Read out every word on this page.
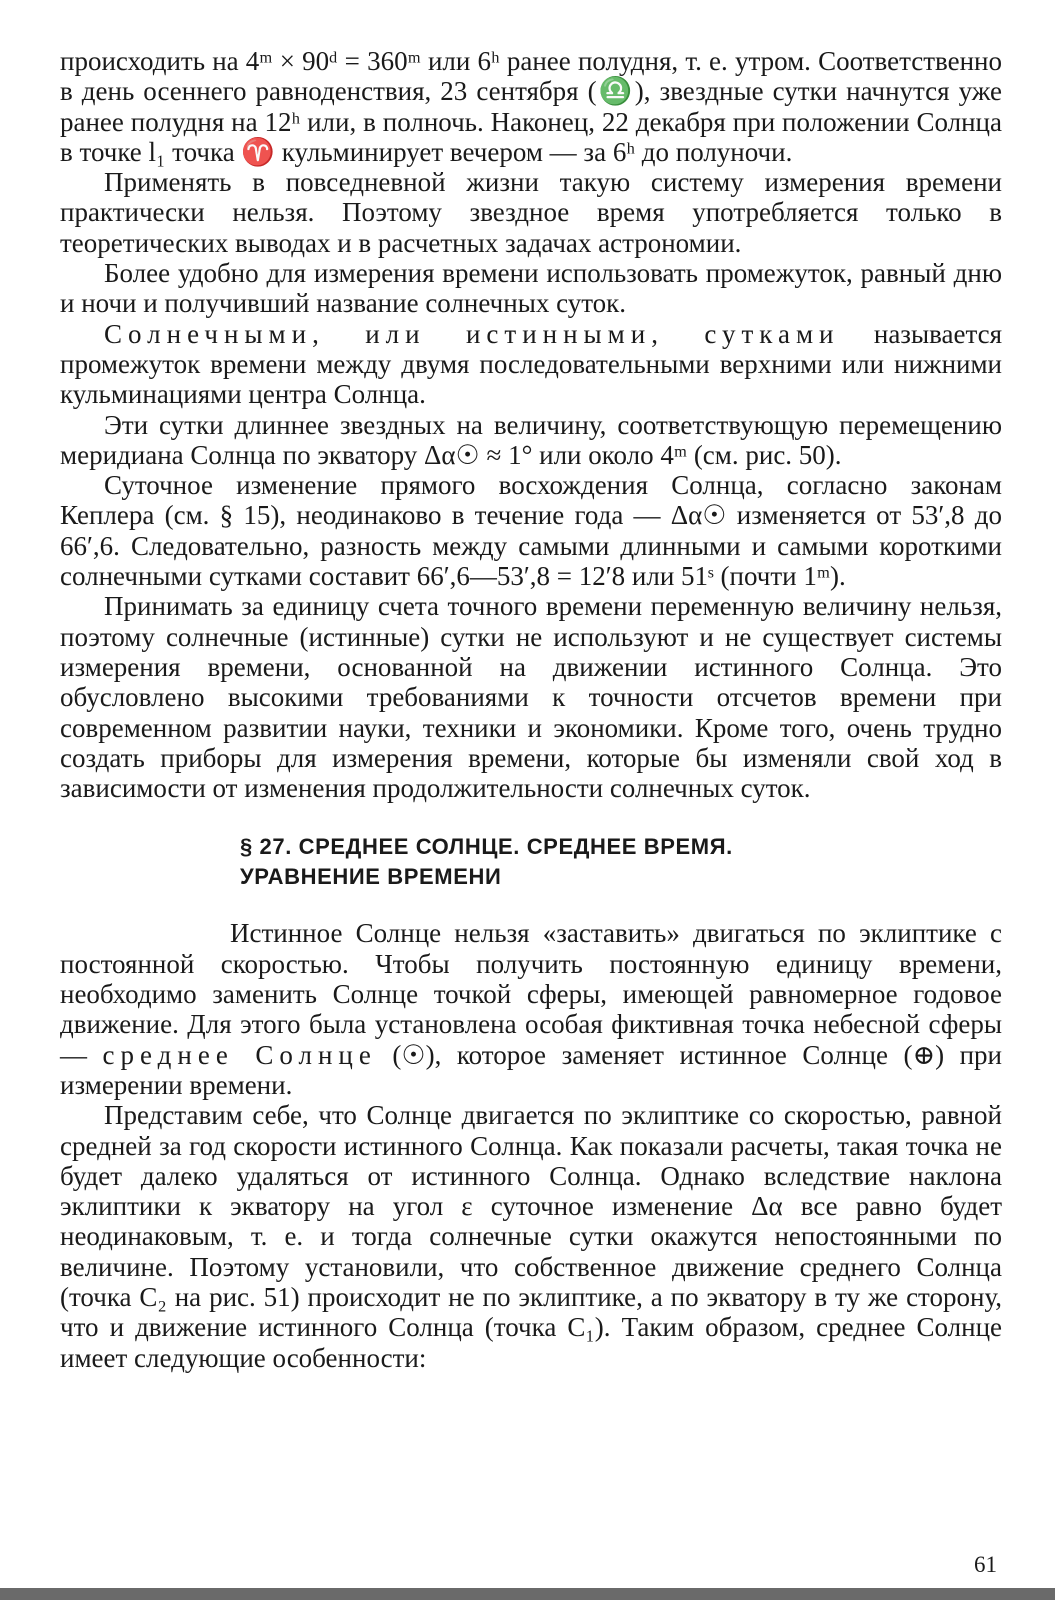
происходить на 4ᵐ × 90ᵈ = 360ᵐ или 6ʰ ранее полудня, т. е. утром. Соответственно в день осеннего равноденствия, 23 сентября (♎), звездные сутки начнутся уже ранее полудня на 12ʰ или, в полночь. Наконец, 22 декабря при положении Солнца в точке l₁ точка ♈ кульминирует вечером — за 6ʰ до полуночи.

Применять в повседневной жизни такую систему измерения времени практически нельзя. Поэтому звездное время употребляется только в теоретических выводах и в расчетных задачах астрономии.

Более удобно для измерения времени использовать промежуток, равный дню и ночи и получивший название солнечных суток.

Солнечными, или истинными, сутками называется промежуток времени между двумя последовательными верхними или нижними кульминациями центра Солнца.

Эти сутки длиннее звездных на величину, соответствующую перемещению меридиана Солнца по экватору Δα☉ ≈ 1° или около 4ᵐ (см. рис. 50).

Суточное изменение прямого восхождения Солнца, согласно законам Кеплера (см. § 15), неодинаково в течение года — Δα☉ изменяется от 53′,8 до 66′,6. Следовательно, разность между самыми длинными и самыми короткими солнечными сутками составит 66′,6—53′,8 = 12′8 или 51ˢ (почти 1ᵐ).

Принимать за единицу счета точного времени переменную величину нельзя, поэтому солнечные (истинные) сутки не используют и не существует системы измерения времени, основанной на движении истинного Солнца. Это обусловлено высокими требованиями к точности отсчетов времени при современном развитии науки, техники и экономики. Кроме того, очень трудно создать приборы для измерения времени, которые бы изменяли свой ход в зависимости от изменения продолжительности солнечных суток.

§ 27. СРЕДНЕЕ СОЛНЦЕ. СРЕДНЕЕ ВРЕМЯ.
УРАВНЕНИЕ ВРЕМЕНИ

Истинное Солнце нельзя «заставить» двигаться по эклиптике с постоянной скоростью. Чтобы получить постоянную единицу времени, необходимо заменить Солнце точкой сферы, имеющей равномерное годовое движение. Для этого была установлена особая фиктивная точка небесной сферы — среднее Солнце (☉), которое заменяет истинное Солнце (⊕) при измерении времени.

Представим себе, что Солнце двигается по эклиптике со скоростью, равной средней за год скорости истинного Солнца. Как показали расчеты, такая точка не будет далеко удаляться от истинного Солнца. Однако вследствие наклона эклиптики к экватору на угол ε суточное изменение Δα все равно будет неодинаковым, т. е. и тогда солнечные сутки окажутся непостоянными по величине. Поэтому установили, что собственное движение среднего Солнца (точка C₂ на рис. 51) происходит не по эклиптике, а по экватору в ту же сторону, что и движение истинного Солнца (точка C₁). Таким образом, среднее Солнце имеет следующие особенности:

61
